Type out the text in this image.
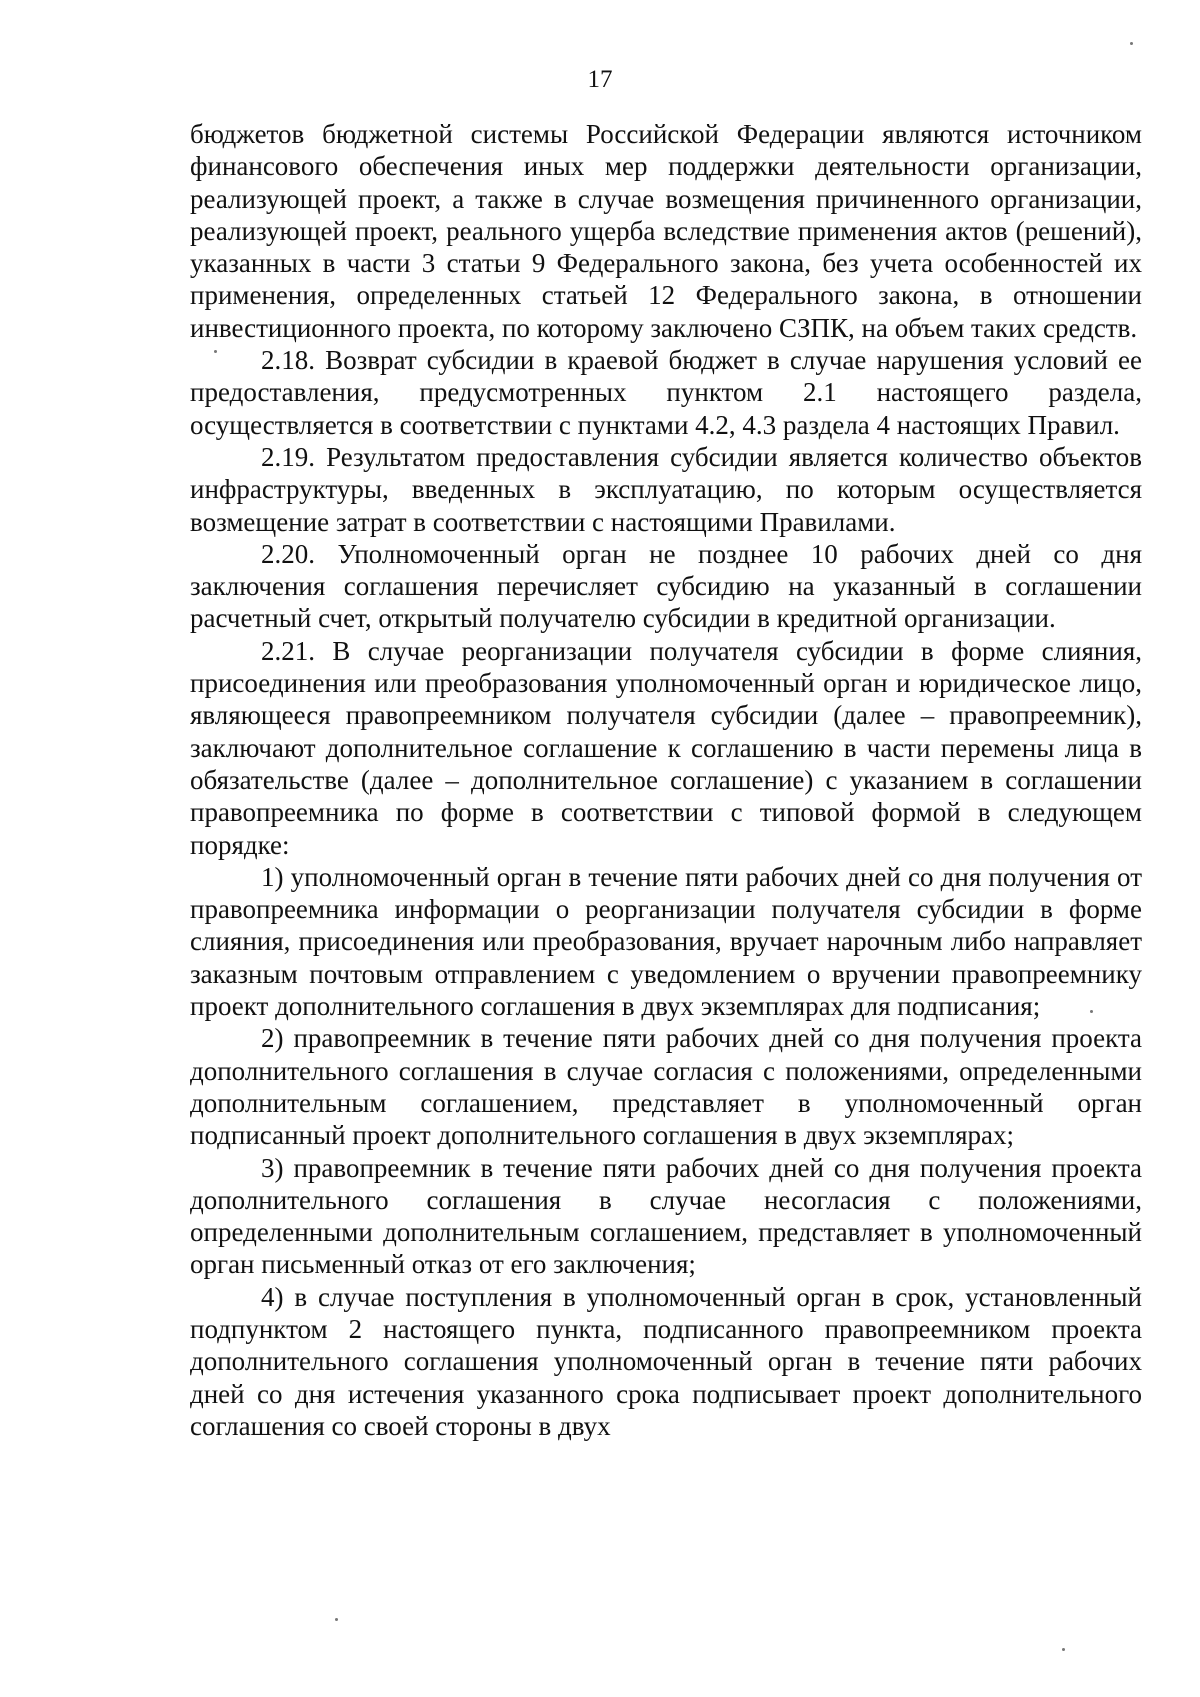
17

бюджетов бюджетной системы Российской Федерации являются источником финансового обеспечения иных мер поддержки деятельности организации, реализующей проект, а также в случае возмещения причиненного организации, реализующей проект, реального ущерба вследствие применения актов (решений), указанных в части 3 статьи 9 Федерального закона, без учета особенностей их применения, определенных статьей 12 Федерального закона, в отношении инвестиционного проекта, по которому заключено СЗПК, на объем таких средств.

2.18. Возврат субсидии в краевой бюджет в случае нарушения условий ее предоставления, предусмотренных пунктом 2.1 настоящего раздела, осуществляется в соответствии с пунктами 4.2, 4.3 раздела 4 настоящих Правил.

2.19. Результатом предоставления субсидии является количество объектов инфраструктуры, введенных в эксплуатацию, по которым осуществляется возмещение затрат в соответствии с настоящими Правилами.

2.20. Уполномоченный орган не позднее 10 рабочих дней со дня заключения соглашения перечисляет субсидию на указанный в соглашении расчетный счет, открытый получателю субсидии в кредитной организации.

2.21. В случае реорганизации получателя субсидии в форме слияния, присоединения или преобразования уполномоченный орган и юридическое лицо, являющееся правопреемником получателя субсидии (далее – правопреемник), заключают дополнительное соглашение к соглашению в части перемены лица в обязательстве (далее – дополнительное соглашение) с указанием в соглашении правопреемника по форме в соответствии с типовой формой в следующем порядке:

1) уполномоченный орган в течение пяти рабочих дней со дня получения от правопреемника информации о реорганизации получателя субсидии в форме слияния, присоединения или преобразования, вручает нарочным либо направляет заказным почтовым отправлением с уведомлением о вручении правопреемнику проект дополнительного соглашения в двух экземплярах для подписания;

2) правопреемник в течение пяти рабочих дней со дня получения проекта дополнительного соглашения в случае согласия с положениями, определенными дополнительным соглашением, представляет в уполномоченный орган подписанный проект дополнительного соглашения в двух экземплярах;

3) правопреемник в течение пяти рабочих дней со дня получения проекта дополнительного соглашения в случае несогласия с положениями, определенными дополнительным соглашением, представляет в уполномоченный орган письменный отказ от его заключения;

4) в случае поступления в уполномоченный орган в срок, установленный подпунктом 2 настоящего пункта, подписанного правопреемником проекта дополнительного соглашения уполномоченный орган в течение пяти рабочих дней со дня истечения указанного срока подписывает проект дополнительного соглашения со своей стороны в двух
